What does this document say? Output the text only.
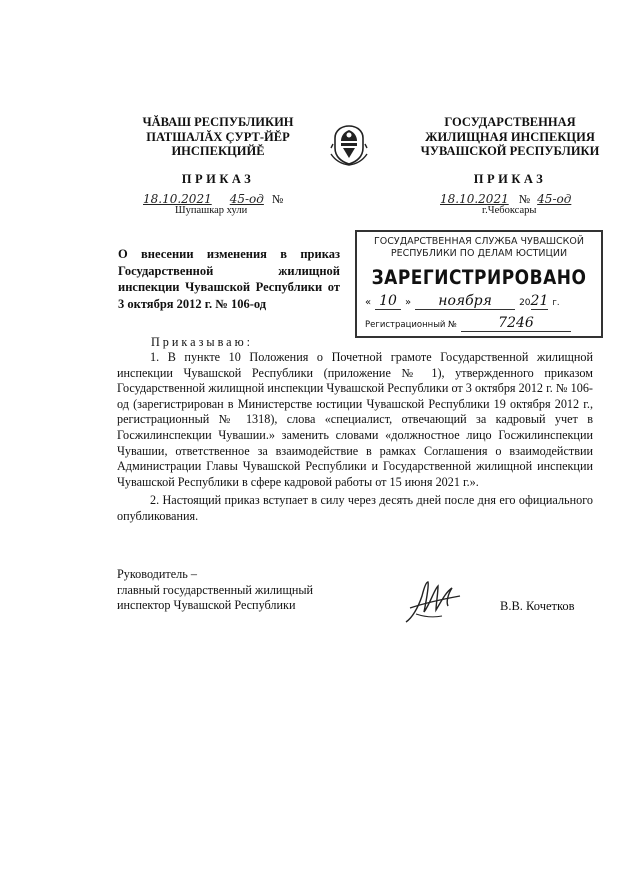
ЧĂВАШ РЕСПУБЛИКИН
ПАТШАЛĂХ ÇУРТ-ЙĔР
ИНСПЕКЦИЙĔ
ПРИКАЗ
18.10.2021 45-од №
Шупашкар хули
ГОСУДАРСТВЕННАЯ
ЖИЛИЩНАЯ ИНСПЕКЦИЯ
ЧУВАШСКОЙ РЕСПУБЛИКИ
ПРИКАЗ
18.10.2021 № 45-од
г.Чебоксары
О внесении изменения в приказ Государственной жилищной инспекции Чувашской Республики от 3 октября 2012 г. № 106-од
ГОСУДАРСТВЕННАЯ СЛУЖБА ЧУВАШСКОЙ
РЕСПУБЛИКИ ПО ДЕЛАМ ЮСТИЦИИ
ЗАРЕГИСТРИРОВАНО
« 10 » ноября	2021 г.
Регистрационный №	7246
Приказываю:
1. В пункте 10 Положения о Почетной грамоте Государственной жилищной инспекции Чувашской Республики (приложение № 1), утвержденного приказом Государственной жилищной инспекции Чувашской Республики от 3 октября 2012 г. № 106-од (зарегистрирован в Министерстве юстиции Чувашской Республики 19 октября 2012 г., регистрационный № 1318), слова «специалист, отвечающий за кадровый учет в Госжилинспекции Чувашии.» заменить словами «должностное лицо Госжилинспекции Чувашии, ответственное за взаимодействие в рамках Соглашения о взаимодействии Администрации Главы Чувашской Республики и Государственной жилищной инспекции Чувашской Республики в сфере кадровой работы от 15 июня 2021 г.».
2. Настоящий приказ вступает в силу через десять дней после дня его официального опубликования.
Руководитель –
главный государственный жилищный
инспектор Чувашской Республики	В.В. Кочетков
